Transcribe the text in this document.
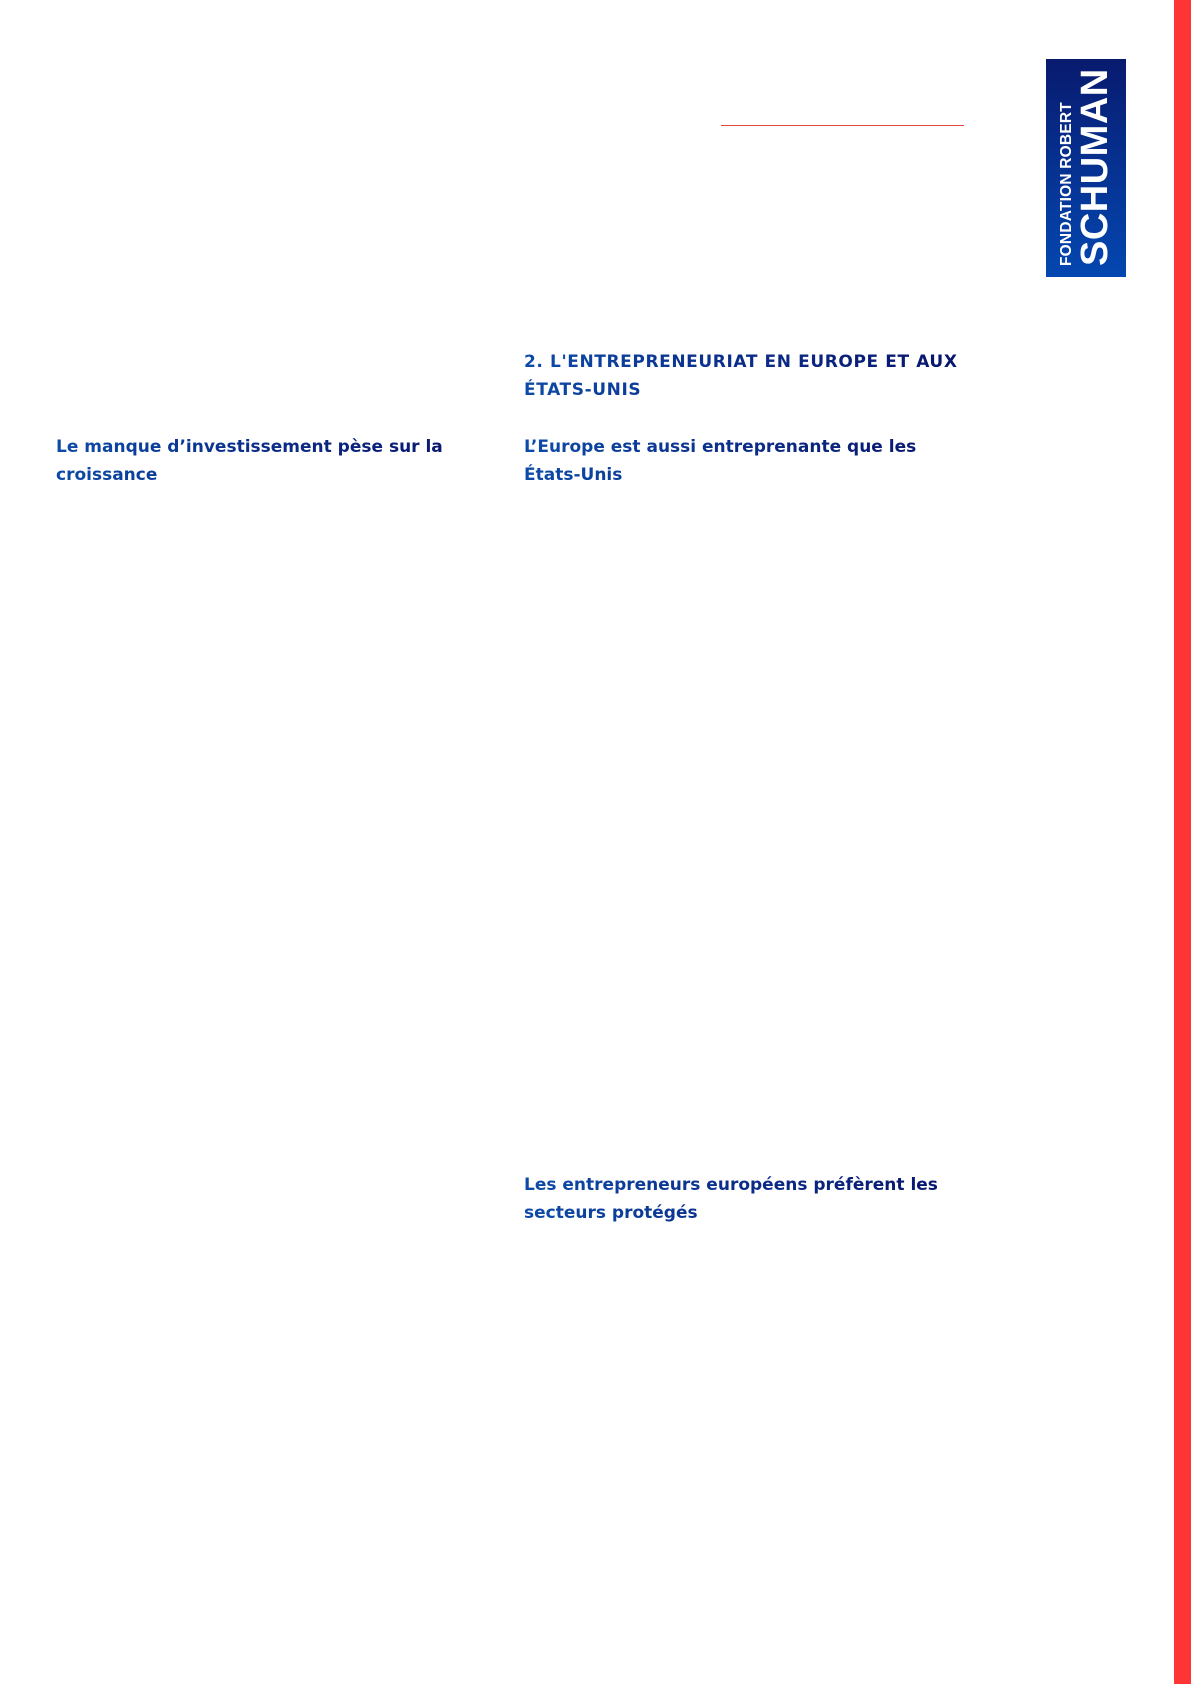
FONDATION ROBERT
SCHUMAN
2. L'ENTREPRENEURIAT EN EUROPE ET AUX ÉTATS-UNIS
Le manque d’investissement pèse sur la croissance
L’Europe est aussi entreprenante que les États-Unis
Les entrepreneurs européens préfèrent les secteurs protégés
